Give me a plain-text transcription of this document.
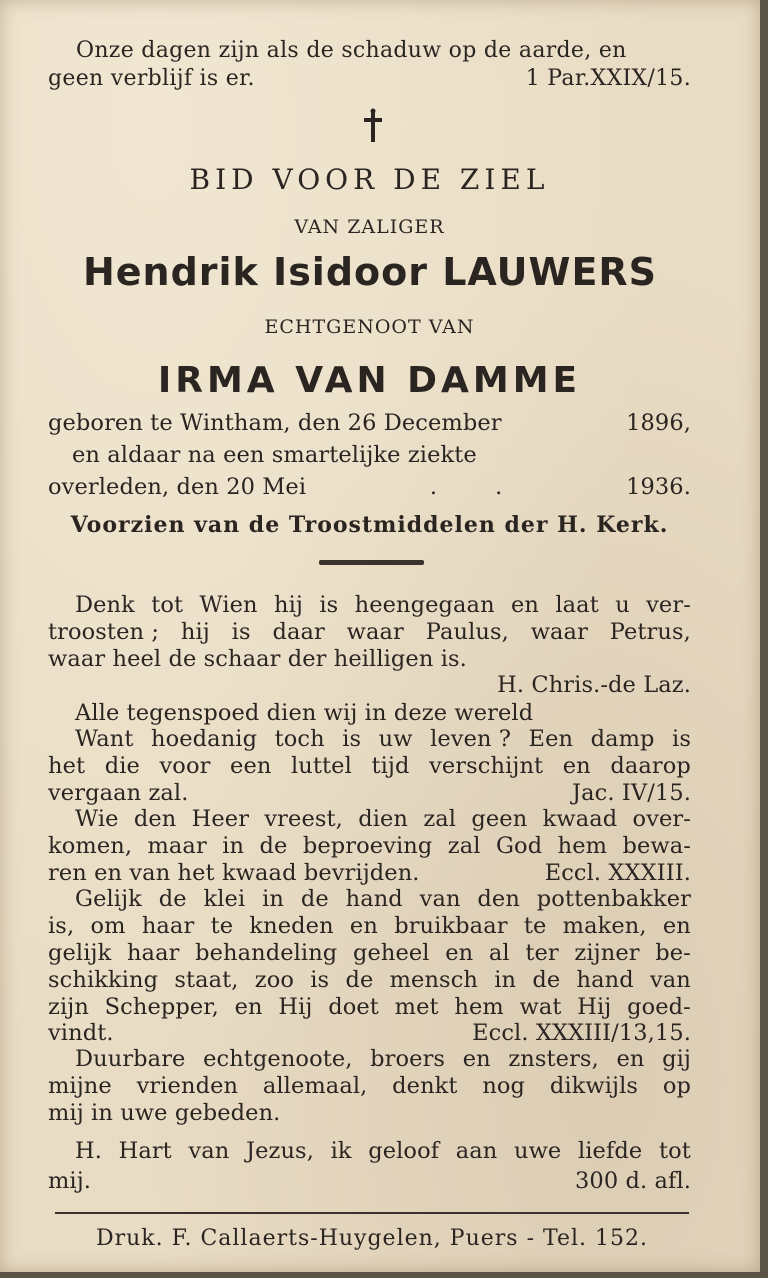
Onze dagen zijn als de schaduw op de aarde, en
geen verblijf is er.	1 Par.XXIX/15.
BID VOOR DE ZIEL
VAN ZALIGER
Hendrik Isidoor LAUWERS
ECHTGENOOT VAN
IRMA VAN DAMME
geboren te Wintham, den 26 December	1896,
en aldaar na een smartelijke ziekte
overleden, den 20 Mei	.        .	1936.
Voorzien van de Troostmiddelen der H. Kerk.
Denk tot Wien hij is heengegaan en laat u ver-
troosten ; hij is daar waar Paulus, waar Petrus,
waar heel de schaar der heilligen is.
H. Chris.-de Laz.
Alle tegenspoed dien wij in deze wereld
Want hoedanig toch is uw leven ? Een damp is
het die voor een luttel tijd verschijnt en daarop
vergaan zal.	Jac. IV/15.
Wie den Heer vreest, dien zal geen kwaad over-
komen, maar in de beproeving zal God hem bewa-
ren en van het kwaad bevrijden.	Eccl. XXXIII.
Gelijk de klei in de hand van den pottenbakker
is, om haar te kneden en bruikbaar te maken, en
gelijk haar behandeling geheel en al ter zijner be-
schikking staat, zoo is de mensch in de hand van
zijn Schepper, en Hij doet met hem wat Hij goed-
vindt.	Eccl. XXXIII/13,15.
Duurbare echtgenoote, broers en znsters, en gij
mijne vrienden allemaal, denkt nog dikwijls op
mij in uwe gebeden.
H. Hart van Jezus, ik geloof aan uwe liefde tot
mij.	300 d. afl.
Druk. F. Callaerts-Huygelen, Puers - Tel. 152.
